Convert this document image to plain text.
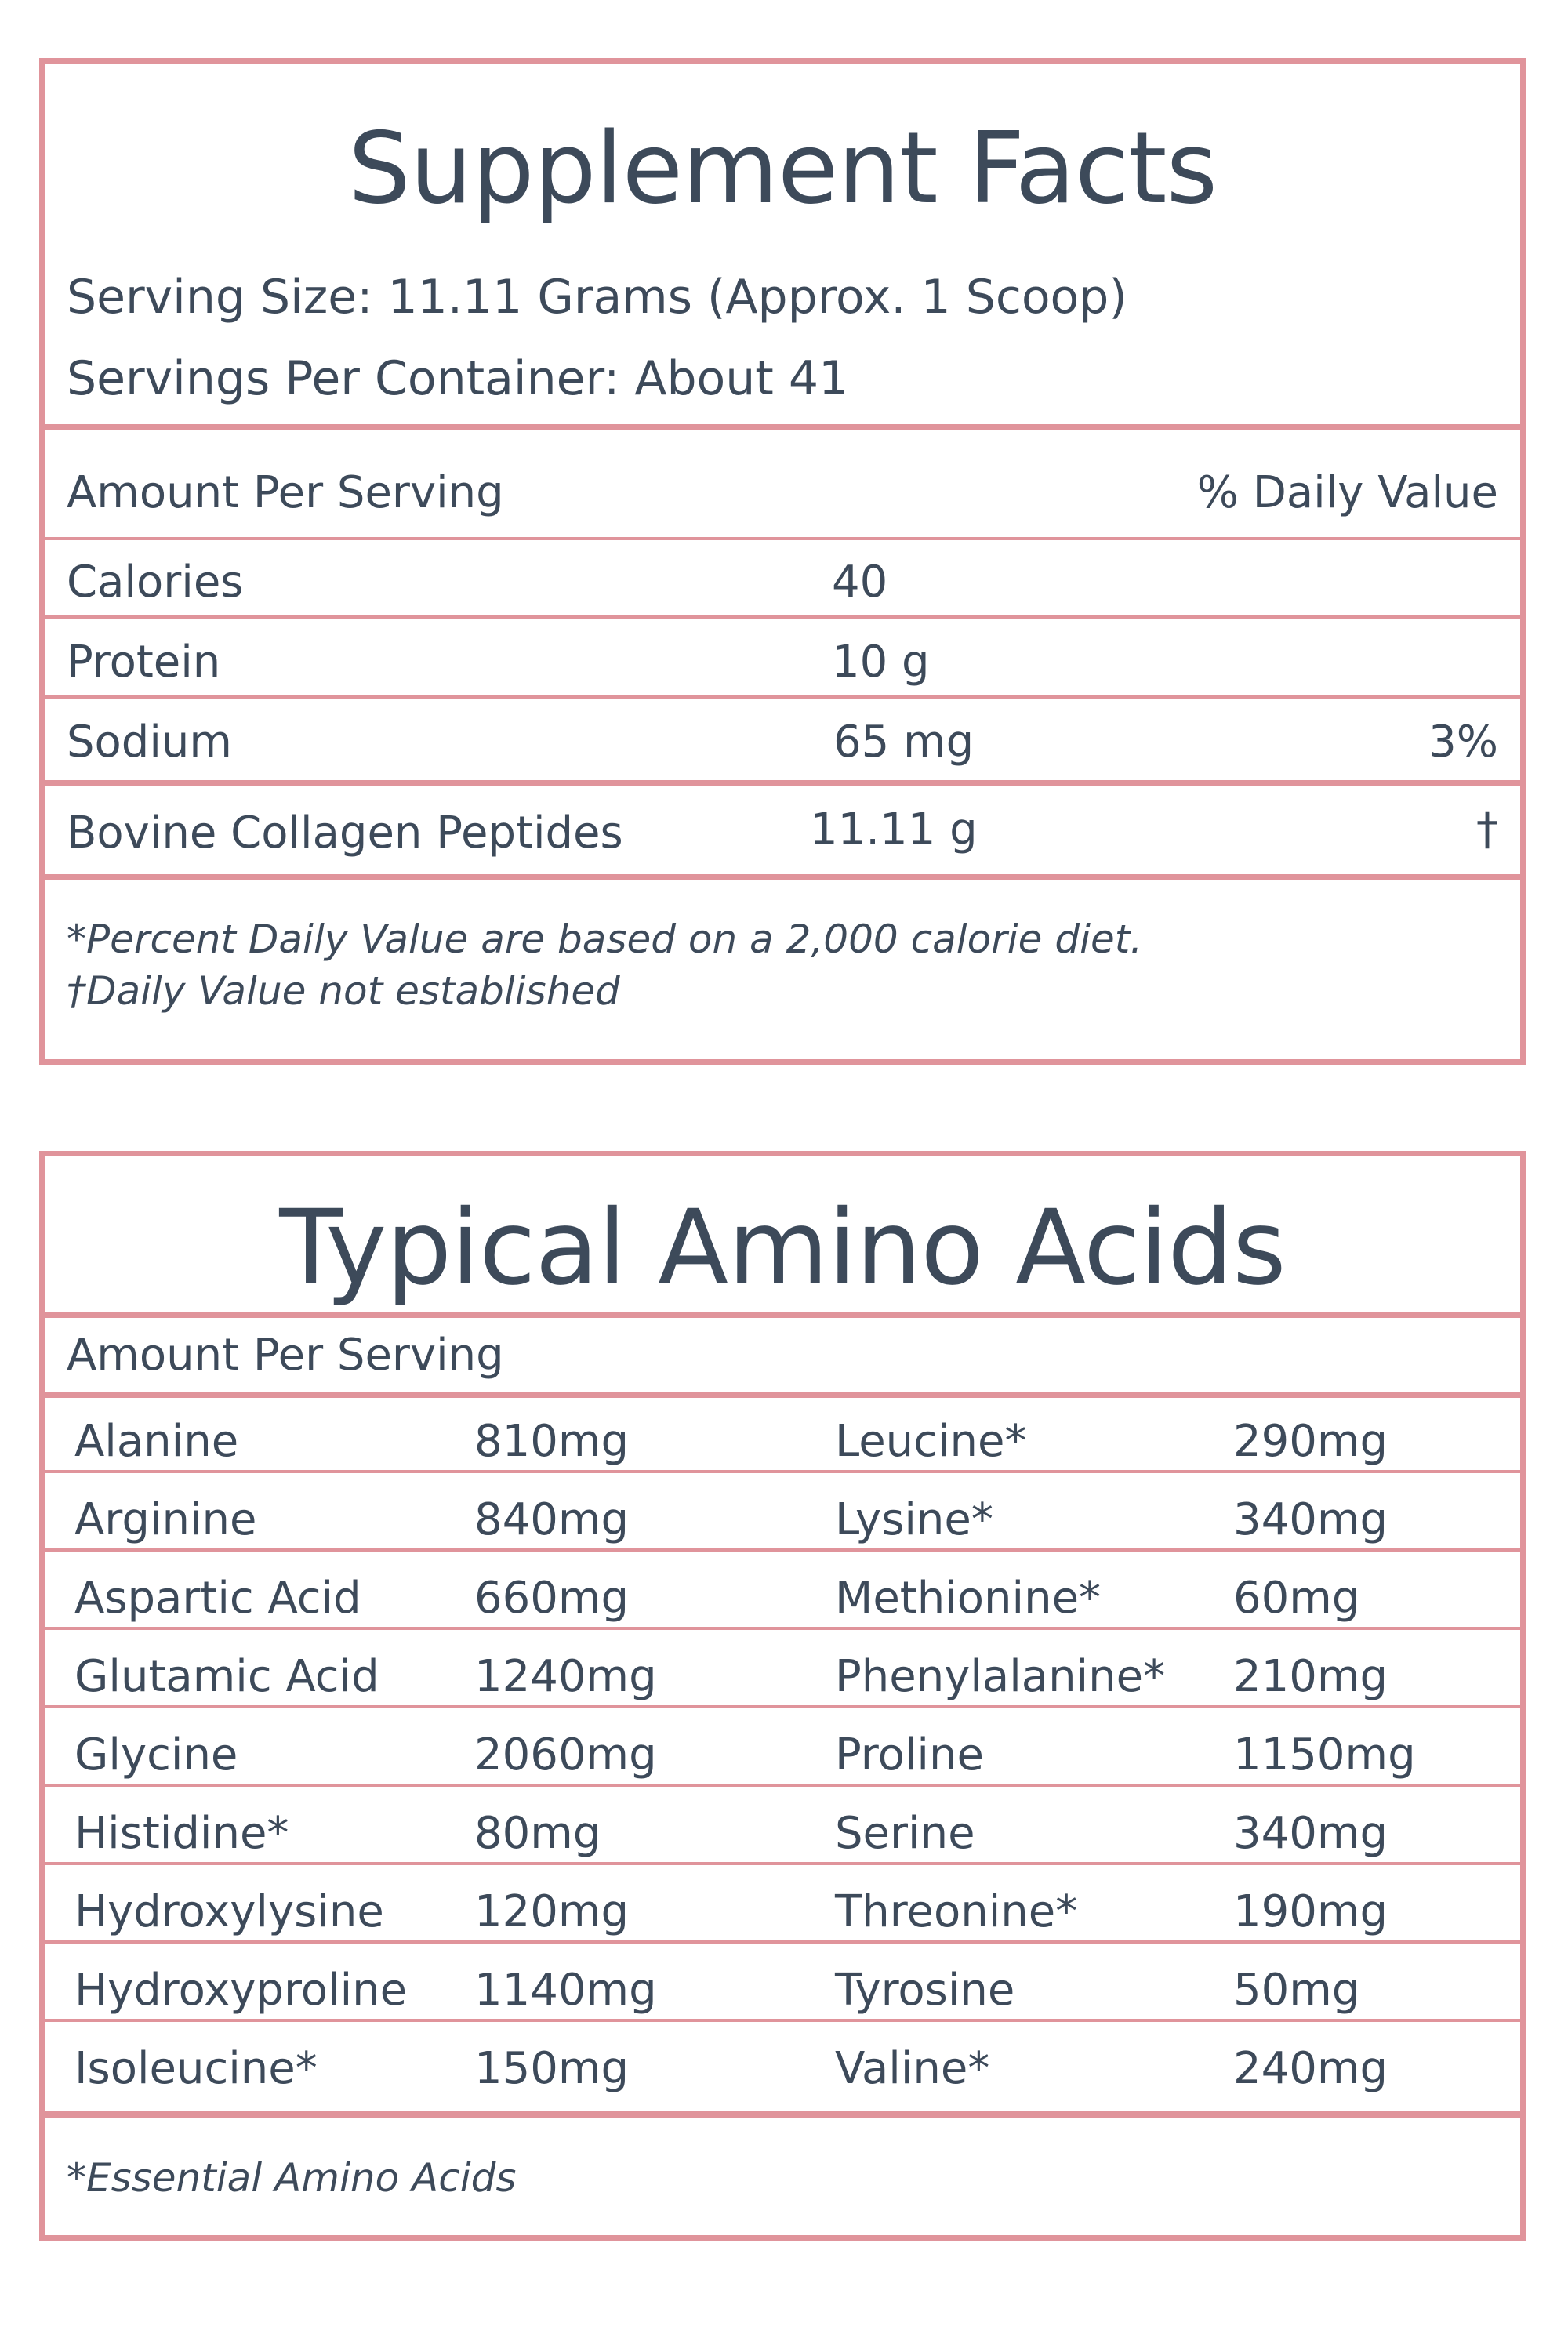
Supplement Facts
Serving Size: 11.11 Grams (Approx. 1 Scoop)
Servings Per Container: About 41
Amount Per Serving	% Daily Value
Calories	40
Protein	10 g
Sodium	65 mg	3%
Bovine Collagen Peptides	11.11 g	†
*Percent Daily Value are based on a 2,000 calorie diet.
†Daily Value not established
Typical Amino Acids
Amount Per Serving
Alanine	810mg	Leucine*	290mg
Arginine	840mg	Lysine*	340mg
Aspartic Acid	660mg	Methionine*	60mg
Glutamic Acid 1240mg	Phenylalanine* 210mg
Glycine	2060mg	Proline	1150mg
Histidine*	80mg	Serine	340mg
Hydroxylysine 120mg	Threonine*	190mg
Hydroxyproline 1140mg	Tyrosine	50mg
Isoleucine*	150mg	Valine*	240mg
*Essential Amino Acids
